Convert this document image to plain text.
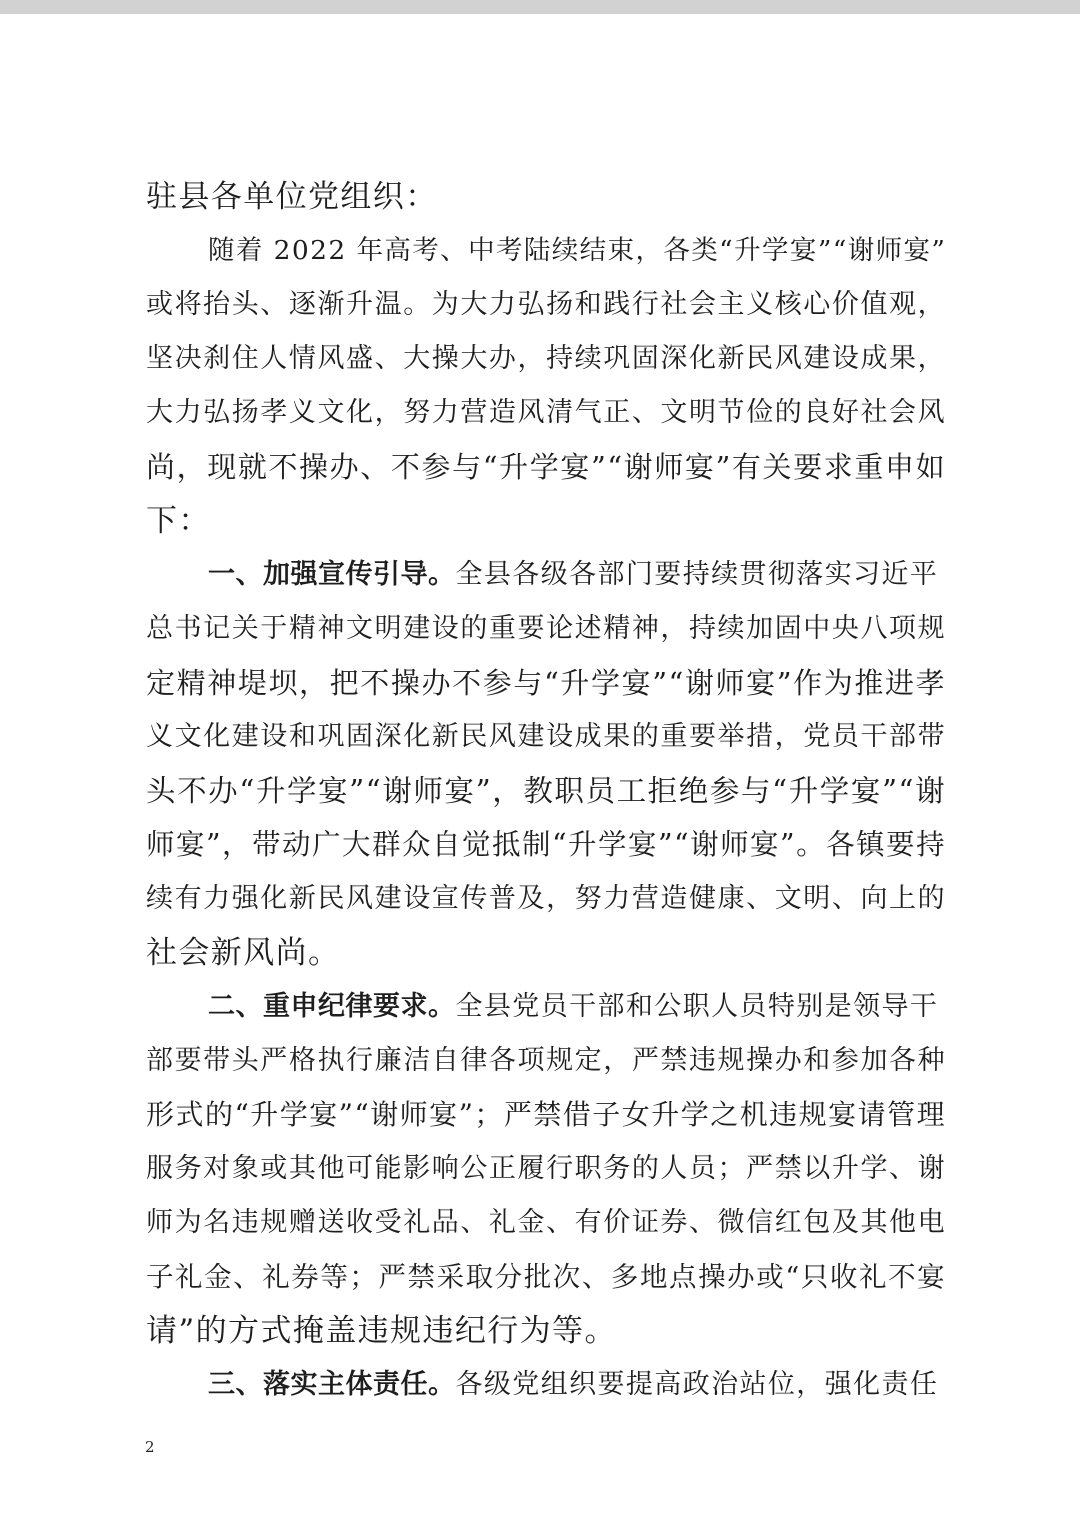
驻县各单位党组织：
随着 2022 年高考、中考陆续结束，各类“升学宴”“谢师宴”
或将抬头、逐渐升温。为大力弘扬和践行社会主义核心价值观，
坚决刹住人情风盛、大操大办，持续巩固深化新民风建设成果，
大力弘扬孝义文化，努力营造风清气正、文明节俭的良好社会风
尚，现就不操办、不参与“升学宴”“谢师宴”有关要求重申如
下：
一、加强宣传引导。全县各级各部门要持续贯彻落实习近平
总书记关于精神文明建设的重要论述精神，持续加固中央八项规
定精神堤坝，把不操办不参与“升学宴”“谢师宴”作为推进孝
义文化建设和巩固深化新民风建设成果的重要举措，党员干部带
头不办“升学宴”“谢师宴”，教职员工拒绝参与“升学宴”“谢
师宴”，带动广大群众自觉抵制“升学宴”“谢师宴”。各镇要持
续有力强化新民风建设宣传普及，努力营造健康、文明、向上的
社会新风尚。
二、重申纪律要求。全县党员干部和公职人员特别是领导干
部要带头严格执行廉洁自律各项规定，严禁违规操办和参加各种
形式的“升学宴”“谢师宴”；严禁借子女升学之机违规宴请管理
服务对象或其他可能影响公正履行职务的人员；严禁以升学、谢
师为名违规赠送收受礼品、礼金、有价证券、微信红包及其他电
子礼金、礼券等；严禁采取分批次、多地点操办或“只收礼不宴
请”的方式掩盖违规违纪行为等。
三、落实主体责任。各级党组织要提高政治站位，强化责任
2
